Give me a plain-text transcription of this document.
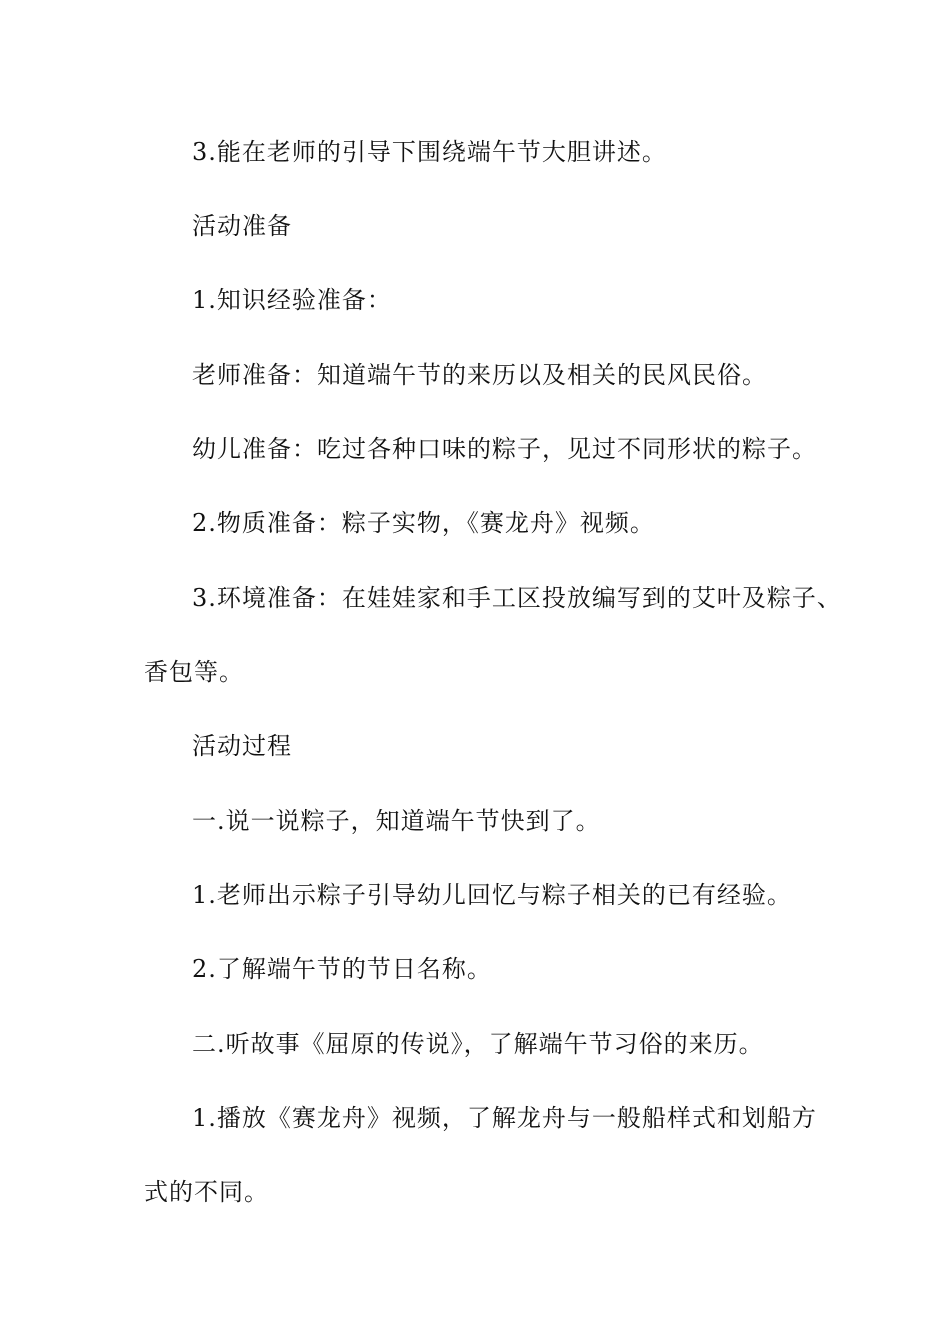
3.能在老师的引导下围绕端午节大胆讲述。
活动准备
1.知识经验准备：
老师准备：知道端午节的来历以及相关的民风民俗。
幼儿准备：吃过各种口味的粽子，见过不同形状的粽子。
2.物质准备：粽子实物，《赛龙舟》视频。
3.环境准备：在娃娃家和手工区投放编写到的艾叶及粽子、
香包等。
活动过程
一.说一说粽子，知道端午节快到了。
1.老师出示粽子引导幼儿回忆与粽子相关的已有经验。
2.了解端午节的节日名称。
二.听故事《屈原的传说》，了解端午节习俗的来历。
1.播放《赛龙舟》视频，了解龙舟与一般船样式和划船方
式的不同。
